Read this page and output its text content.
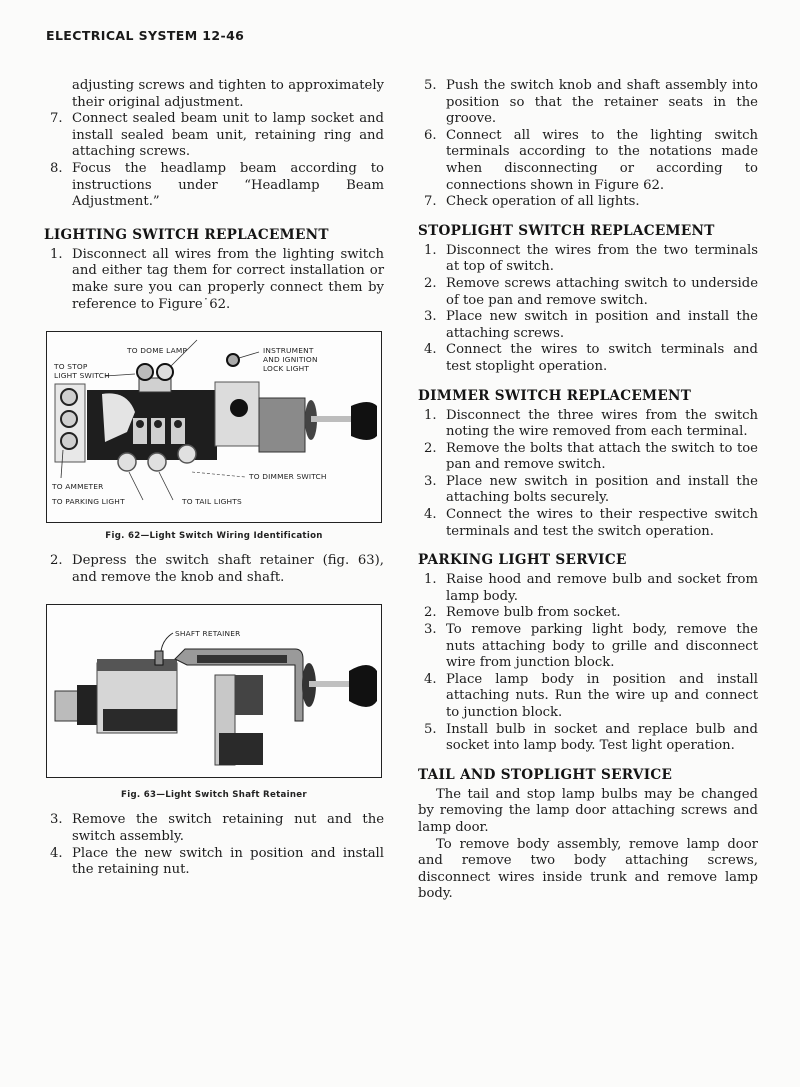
ELECTRICAL SYSTEM 12-46
adjusting screws and tighten to approximately their original adjustment.
7. Connect sealed beam unit to lamp socket and install sealed beam unit, retaining ring and attaching screws.
8. Focus the headlamp beam according to instructions under “Headlamp Beam Adjustment.”
LIGHTING SWITCH REPLACEMENT
1. Disconnect all wires from the lighting switch and either tag them for correct installation or make sure you can properly connect them by reference to Figure˙62.
TO DOME LAMP
TO STOP
LIGHT SWITCH
INSTRUMENT
AND IGNITION
LOCK LIGHT
TO DIMMER SWITCH
TO AMMETER
TO PARKING LIGHT	TO TAIL LIGHTS
Fig. 62—Light Switch Wiring Identification
2. Depress the switch shaft retainer (fig. 63), and remove the knob and shaft.
SHAFT RETAINER
Fig. 63—Light Switch Shaft Retainer
3. Remove the switch retaining nut and the switch assembly.
4. Place the new switch in position and install the retaining nut.
5. Push the switch knob and shaft assembly into position so that the retainer seats in the groove.
6. Connect all wires to the lighting switch terminals according to the notations made when disconnecting or according to connections shown in Figure 62.
7. Check operation of all lights.
STOPLIGHT SWITCH REPLACEMENT
1. Disconnect the wires from the two terminals at top of switch.
2. Remove screws attaching switch to underside of toe pan and remove switch.
3. Place new switch in position and install the attaching screws.
4. Connect the wires to switch terminals and test stoplight operation.
DIMMER SWITCH REPLACEMENT
1. Disconnect the three wires from the switch noting the wire removed from each terminal.
2. Remove the bolts that attach the switch to toe pan and remove switch.
3. Place new switch in position and install the attaching bolts securely.
4. Connect the wires to their respective switch terminals and test the switch operation.
PARKING LIGHT SERVICE
1. Raise hood and remove bulb and socket from lamp body.
2. Remove bulb from socket.
3. To remove parking light body, remove the nuts attaching body to grille and disconnect wire from junction block.
4. Place lamp body in position and install attaching nuts. Run the wire up and connect to junction block.
5. Install bulb in socket and replace bulb and socket into lamp body. Test light operation.
TAIL AND STOPLIGHT SERVICE
The tail and stop lamp bulbs may be changed by removing the lamp door attaching screws and lamp door.
To remove body assembly, remove lamp door and remove two body attaching screws, disconnect wires inside trunk and remove lamp body.
